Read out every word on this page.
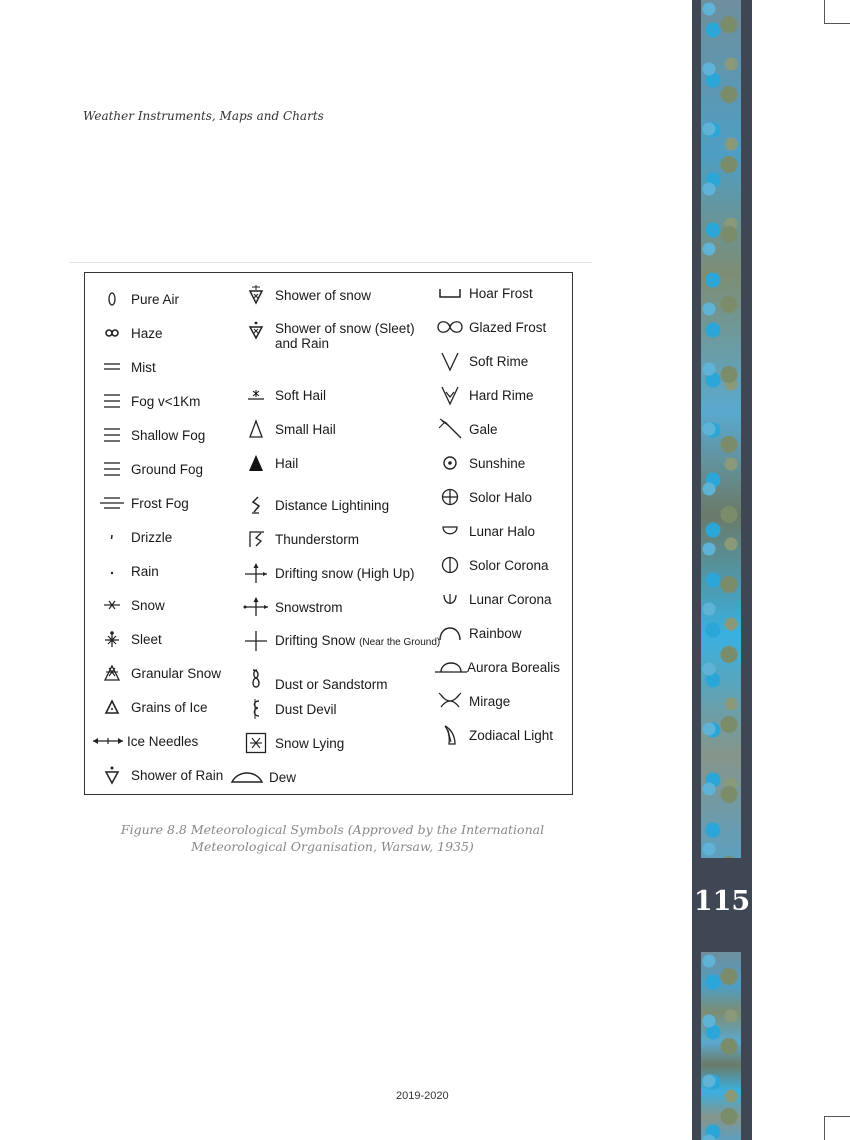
Weather Instruments, Maps and Charts
Pure Air
Haze
Mist
Fog v<1Km
Shallow Fog
Ground Fog
Frost Fog
Drizzle
Rain
Snow
Sleet
Granular Snow
Grains of Ice
Ice Needles
Shower of Rain
Shower of snow
Shower of snow (Sleet)
and Rain
Soft Hail
Small Hail
Hail
Distance Lightining
Thunderstorm
Drifting snow (High Up)
Snowstrom
Drifting Snow (Near the Ground)
Dust or Sandstorm
Dust Devil
Snow Lying
Dew
Hoar Frost
Glazed Frost
Soft Rime
Hard Rime
Gale
Sunshine
Solor Halo
Lunar Halo
Solor Corona
Lunar Corona
Rainbow
Aurora Borealis
Mirage
Zodiacal Light
Figure 8.8 Meteorological Symbols (Approved by the International
Meteorological Organisation, Warsaw, 1935)
115
2019-2020
